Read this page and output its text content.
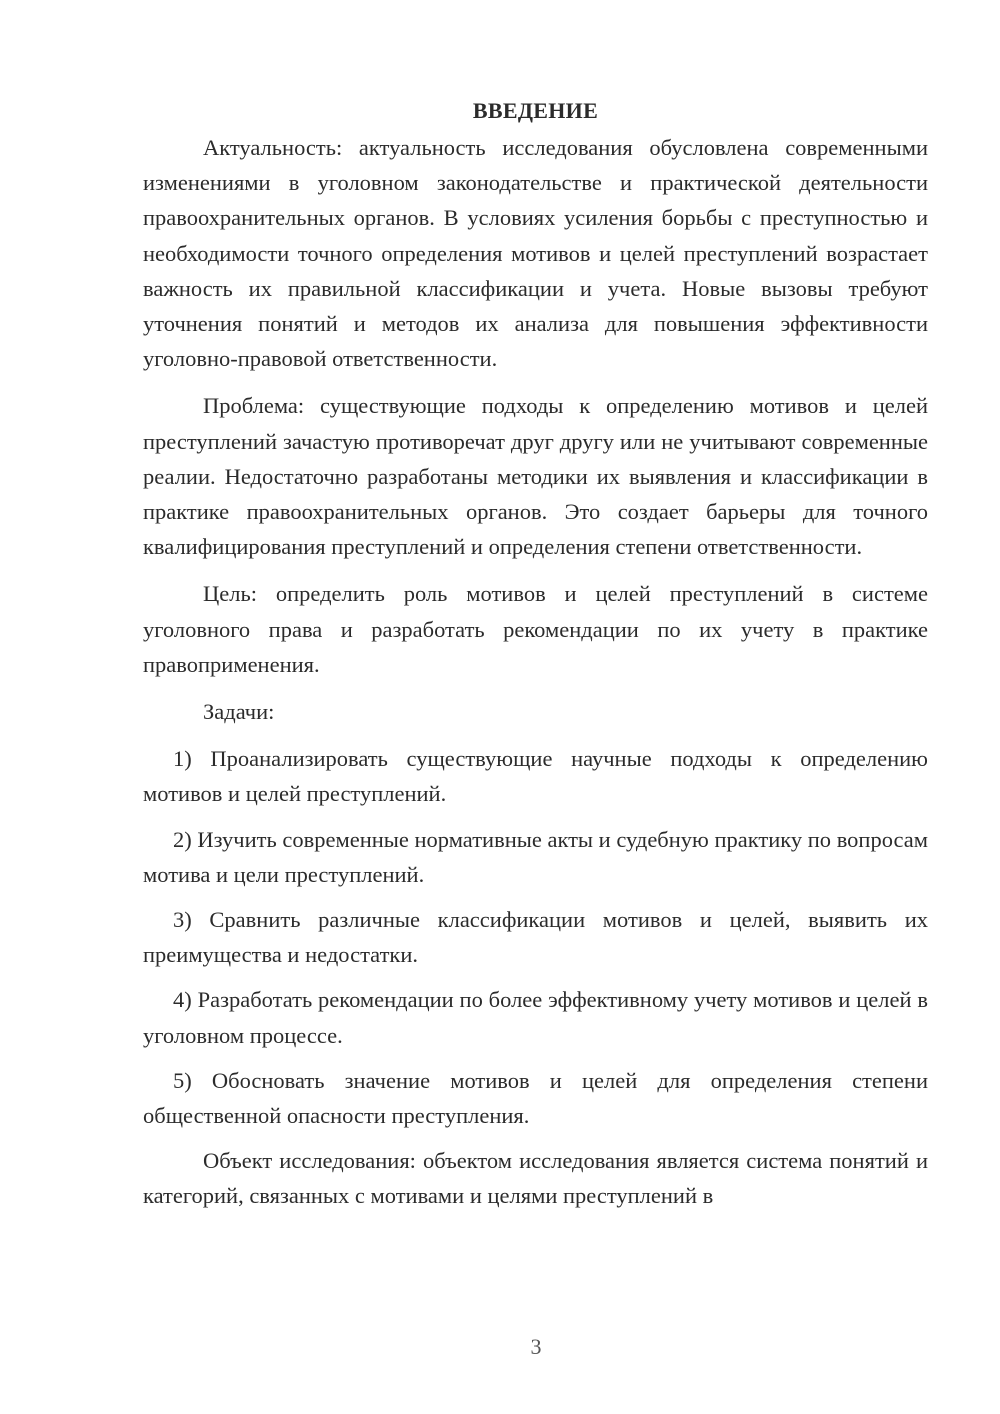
ВВЕДЕНИЕ

Актуальность: актуальность исследования обусловлена современными изменениями в уголовном законодательстве и практической деятельности правоохранительных органов. В условиях усиления борьбы с преступностью и необходимости точного определения мотивов и целей преступлений возрастает важность их правильной классификации и учета. Новые вызовы требуют уточнения понятий и методов их анализа для повышения эффективности уголовно-правовой ответственности.

Проблема: существующие подходы к определению мотивов и целей преступлений зачастую противоречат друг другу или не учитывают современные реалии. Недостаточно разработаны методики их выявления и классификации в практике правоохранительных органов. Это создает барьеры для точного квалифицирования преступлений и определения степени ответственности.

Цель: определить роль мотивов и целей преступлений в системе уголовного права и разработать рекомендации по их учету в практике правоприменения.

Задачи:

1) Проанализировать существующие научные подходы к определению мотивов и целей преступлений.

2) Изучить современные нормативные акты и судебную практику по вопросам мотива и цели преступлений.

3) Сравнить различные классификации мотивов и целей, выявить их преимущества и недостатки.

4) Разработать рекомендации по более эффективному учету мотивов и целей в уголовном процессе.

5) Обосновать значение мотивов и целей для определения степени общественной опасности преступления.

Объект исследования: объектом исследования является система понятий и категорий, связанных с мотивами и целями преступлений в

3
